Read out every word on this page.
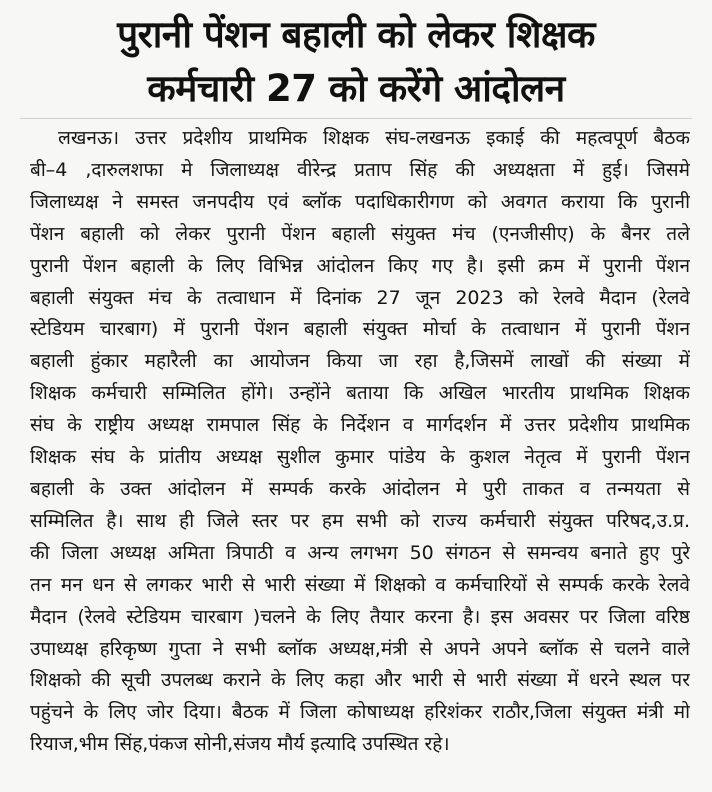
पुरानी पेंशन बहाली को लेकर शिक्षक
कर्मचारी 27 को करेंगे आंदोलन
लखनऊ। उत्तर प्रदेशीय प्राथमिक शिक्षक संघ-लखनऊ इकाई की महत्वपूर्ण बैठक
बी–4 ,दारुलशफा मे जिलाध्यक्ष वीरेन्द्र प्रताप सिंह की अध्यक्षता में हुई। जिसमे
जिलाध्यक्ष ने समस्त जनपदीय एवं ब्लॉक पदाधिकारीगण को अवगत कराया कि पुरानी
पेंशन बहाली को लेकर पुरानी पेंशन बहाली संयुक्त मंच (एनजीसीए) के बैनर तले
पुरानी पेंशन बहाली के लिए विभिन्न आंदोलन किए गए है। इसी क्रम में पुरानी पेंशन
बहाली संयुक्त मंच के तत्वाधान में दिनांक 27 जून 2023 को रेलवे मैदान (रेलवे
स्टेडियम चारबाग) में पुरानी पेंशन बहाली संयुक्त मोर्चा के तत्वाधान में पुरानी पेंशन
बहाली हुंकार महारैली का आयोजन किया जा रहा है,जिसमें लाखों की संख्या में
शिक्षक कर्मचारी सम्मिलित होंगे। उन्होंने बताया कि अखिल भारतीय प्राथमिक शिक्षक
संघ के राष्ट्रीय अध्यक्ष रामपाल सिंह के निर्देशन व मार्गदर्शन में उत्तर प्रदेशीय प्राथमिक
शिक्षक संघ के प्रांतीय अध्यक्ष सुशील कुमार पांडेय के कुशल नेतृत्व में पुरानी पेंशन
बहाली के उक्त आंदोलन में सम्पर्क करके आंदोलन मे पुरी ताकत व तन्मयता से
सम्मिलित है। साथ ही जिले स्तर पर हम सभी को राज्य कर्मचारी संयुक्त परिषद,उ.प्र.
की जिला अध्यक्ष अमिता त्रिपाठी व अन्य लगभग 50 संगठन से समन्वय बनाते हुए पुरे
तन मन धन से लगकर भारी से भारी संख्या में शिक्षको व कर्मचारियों से सम्पर्क करके रेलवे
मैदान (रेलवे स्टेडियम चारबाग )चलने के लिए तैयार करना है। इस अवसर पर जिला वरिष्ठ
उपाध्यक्ष हरिकृष्ण गुप्ता ने सभी ब्लॉक अध्यक्ष,मंत्री से अपने अपने ब्लॉक से चलने वाले
शिक्षको की सूची उपलब्ध कराने के लिए कहा और भारी से भारी संख्या में धरने स्थल पर
पहुंचने के लिए जोर दिया। बैठक में जिला कोषाध्यक्ष हरिशंकर राठौर,जिला संयुक्त मंत्री मो
रियाज,भीम सिंह,पंकज सोनी,संजय मौर्य इत्यादि उपस्थित रहे।
